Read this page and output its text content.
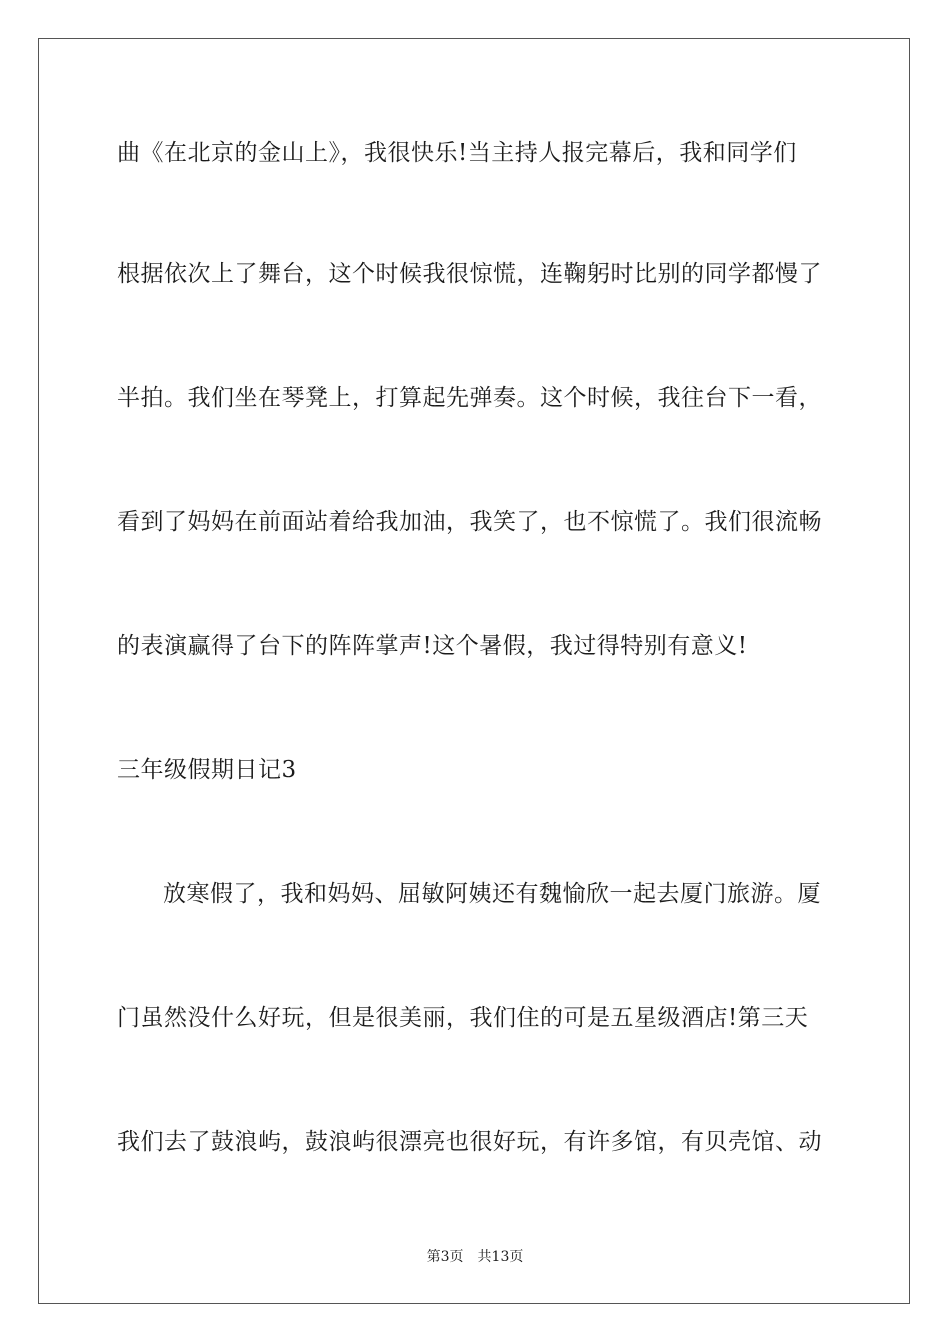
曲《在北京的金山上》，我很快乐!当主持人报完幕后，我和同学们
根据依次上了舞台，这个时候我很惊慌，连鞠躬时比别的同学都慢了
半拍。我们坐在琴凳上，打算起先弹奏。这个时候，我往台下一看，
看到了妈妈在前面站着给我加油，我笑了，也不惊慌了。我们很流畅
的表演赢得了台下的阵阵掌声!这个暑假，我过得特别有意义!
三年级假期日记3
放寒假了，我和妈妈、屈敏阿姨还有魏愉欣一起去厦门旅游。厦
门虽然没什么好玩，但是很美丽，我们住的可是五星级酒店!第三天
我们去了鼓浪屿，鼓浪屿很漂亮也很好玩，有许多馆，有贝壳馆、动
第3页 共13页
